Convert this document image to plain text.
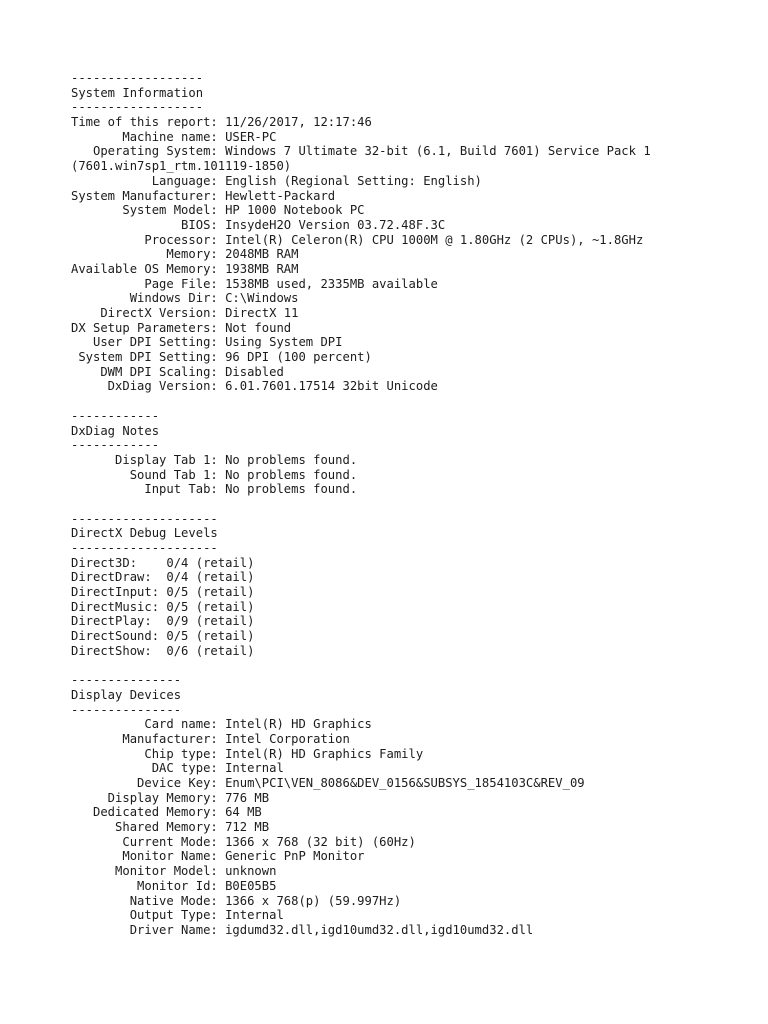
------------------
System Information
------------------
Time of this report: 11/26/2017, 12:17:46
Machine name: USER-PC
Operating System: Windows 7 Ultimate 32-bit (6.1, Build 7601) Service Pack 1
(7601.win7sp1_rtm.101119-1850)
Language: English (Regional Setting: English)
System Manufacturer: Hewlett-Packard
System Model: HP 1000 Notebook PC
BIOS: InsydeH2O Version 03.72.48F.3C
Processor: Intel(R) Celeron(R) CPU 1000M @ 1.80GHz (2 CPUs), ~1.8GHz
Memory: 2048MB RAM
Available OS Memory: 1938MB RAM
Page File: 1538MB used, 2335MB available
Windows Dir: C:\Windows
DirectX Version: DirectX 11
DX Setup Parameters: Not found
User DPI Setting: Using System DPI
System DPI Setting: 96 DPI (100 percent)
DWM DPI Scaling: Disabled
DxDiag Version: 6.01.7601.17514 32bit Unicode
------------
DxDiag Notes
------------
Display Tab 1: No problems found.
Sound Tab 1: No problems found.
Input Tab: No problems found.
--------------------
DirectX Debug Levels
--------------------
Direct3D:    0/4 (retail)
DirectDraw:  0/4 (retail)
DirectInput: 0/5 (retail)
DirectMusic: 0/5 (retail)
DirectPlay:  0/9 (retail)
DirectSound: 0/5 (retail)
DirectShow:  0/6 (retail)
---------------
Display Devices
---------------
Card name: Intel(R) HD Graphics
Manufacturer: Intel Corporation
Chip type: Intel(R) HD Graphics Family
DAC type: Internal
Device Key: Enum\PCI\VEN_8086&DEV_0156&SUBSYS_1854103C&REV_09
Display Memory: 776 MB
Dedicated Memory: 64 MB
Shared Memory: 712 MB
Current Mode: 1366 x 768 (32 bit) (60Hz)
Monitor Name: Generic PnP Monitor
Monitor Model: unknown
Monitor Id: B0E05B5
Native Mode: 1366 x 768(p) (59.997Hz)
Output Type: Internal
Driver Name: igdumd32.dll,igd10umd32.dll,igd10umd32.dll
